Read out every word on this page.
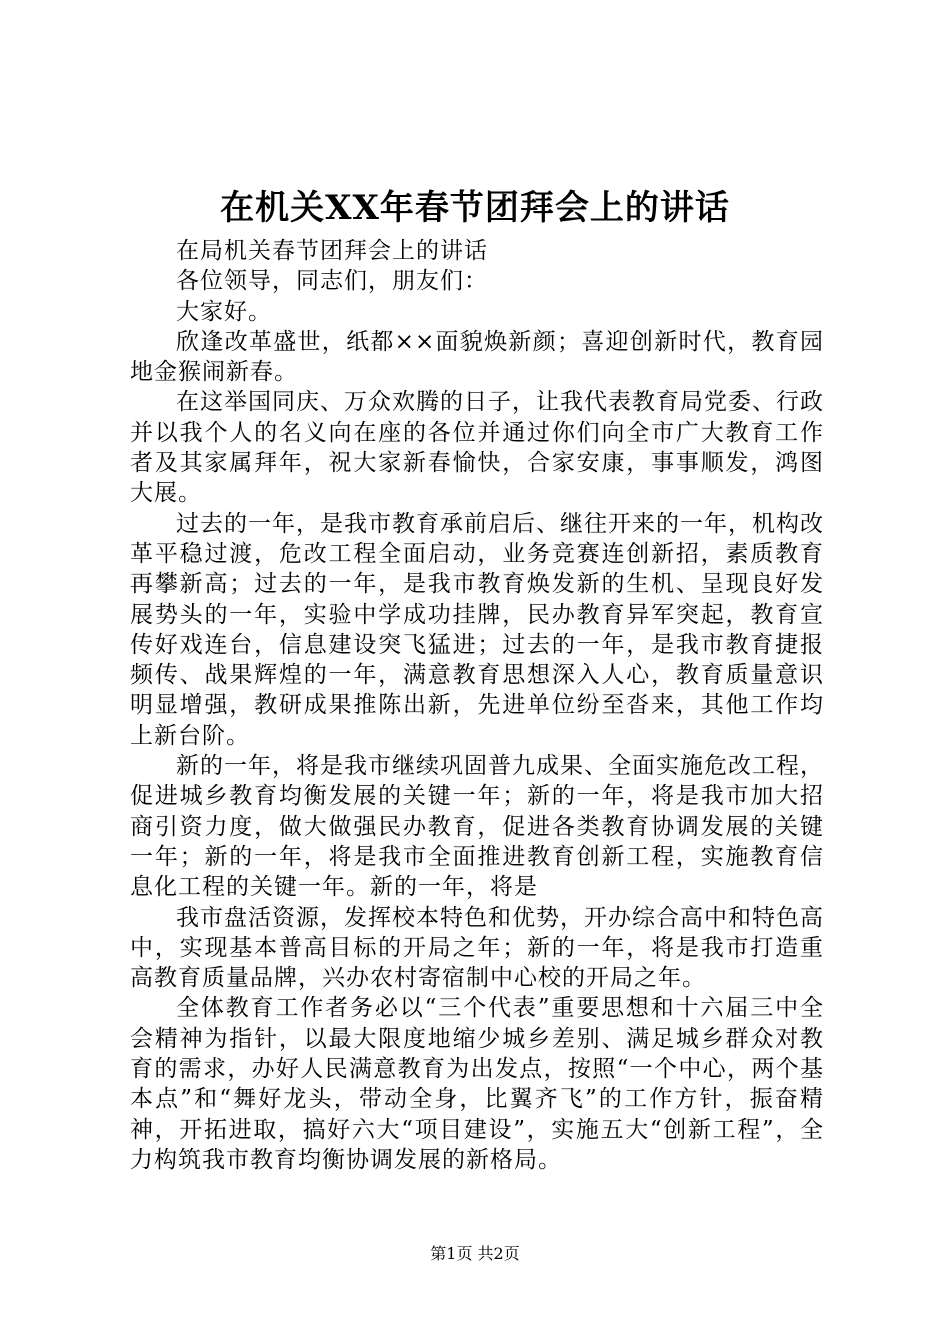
在机关XX年春节团拜会上的讲话

在局机关春节团拜会上的讲话

各位领导，同志们，朋友们：

大家好。

欣逢改革盛世，纸都××面貌焕新颜；喜迎创新时代，教育园地金猴闹新春。

在这举国同庆、万众欢腾的日子，让我代表教育局党委、行政并以我个人的名义向在座的各位并通过你们向全市广大教育工作者及其家属拜年，祝大家新春愉快，合家安康，事事顺发，鸿图大展。

过去的一年，是我市教育承前启后、继往开来的一年，机构改革平稳过渡，危改工程全面启动，业务竞赛连创新招，素质教育再攀新高；过去的一年，是我市教育焕发新的生机、呈现良好发展势头的一年，实验中学成功挂牌，民办教育异军突起，教育宣传好戏连台，信息建设突飞猛进；过去的一年，是我市教育捷报频传、战果辉煌的一年，满意教育思想深入人心，教育质量意识明显增强，教研成果推陈出新，先进单位纷至沓来，其他工作均上新台阶。

新的一年，将是我市继续巩固普九成果、全面实施危改工程，促进城乡教育均衡发展的关键一年；新的一年，将是我市加大招商引资力度，做大做强民办教育，促进各类教育协调发展的关键一年；新的一年，将是我市全面推进教育创新工程，实施教育信息化工程的关键一年。新的一年，将是

我市盘活资源，发挥校本特色和优势，开办综合高中和特色高中，实现基本普高目标的开局之年；新的一年，将是我市打造重高教育质量品牌，兴办农村寄宿制中心校的开局之年。

全体教育工作者务必以“三个代表”重要思想和十六届三中全会精神为指针，以最大限度地缩少城乡差别、满足城乡群众对教育的需求，办好人民满意教育为出发点，按照“一个中心，两个基本点”和“舞好龙头，带动全身，比翼齐飞”的工作方针，振奋精神，开拓进取，搞好六大“项目建设”，实施五大“创新工程”，全力构筑我市教育均衡协调发展的新格局。

第1页 共2页
